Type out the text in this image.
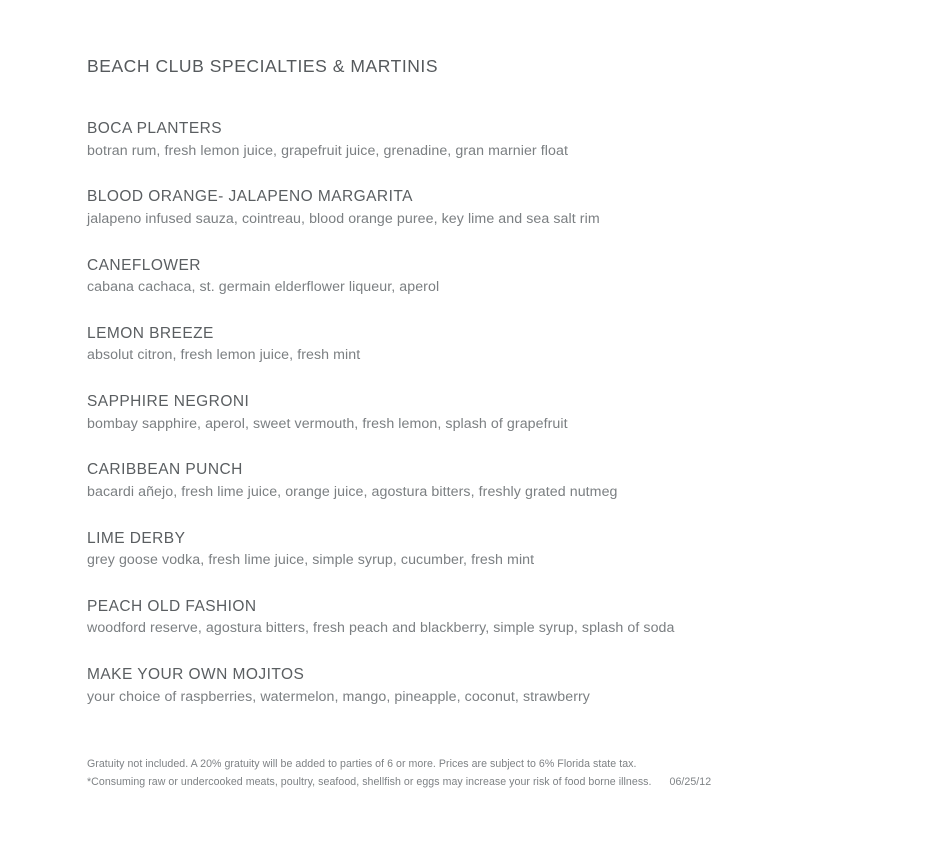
BEACH CLUB SPECIALTIES & MARTINIS
BOCA PLANTERS
botran rum, fresh lemon juice, grapefruit juice, grenadine, gran marnier float
BLOOD ORANGE- JALAPENO MARGARITA
jalapeno infused sauza, cointreau, blood orange puree, key lime and sea salt rim
CANEFLOWER
cabana cachaca, st. germain elderflower liqueur, aperol
LEMON BREEZE
absolut citron, fresh lemon juice, fresh mint
SAPPHIRE NEGRONI
bombay sapphire, aperol, sweet vermouth, fresh lemon, splash of grapefruit
CARIBBEAN PUNCH
bacardi añejo, fresh lime juice, orange juice, agostura bitters, freshly grated nutmeg
LIME DERBY
grey goose vodka, fresh lime juice, simple syrup, cucumber, fresh mint
PEACH OLD FASHION
woodford reserve, agostura bitters, fresh peach and blackberry, simple syrup, splash of soda
MAKE YOUR OWN MOJITOS
your choice of raspberries, watermelon, mango, pineapple, coconut, strawberry
Gratuity not included. A 20% gratuity will be added to parties of 6 or more. Prices are subject to 6% Florida state tax.
*Consuming raw or undercooked meats, poultry, seafood, shellfish or eggs may increase your risk of food borne illness. 06/25/12
